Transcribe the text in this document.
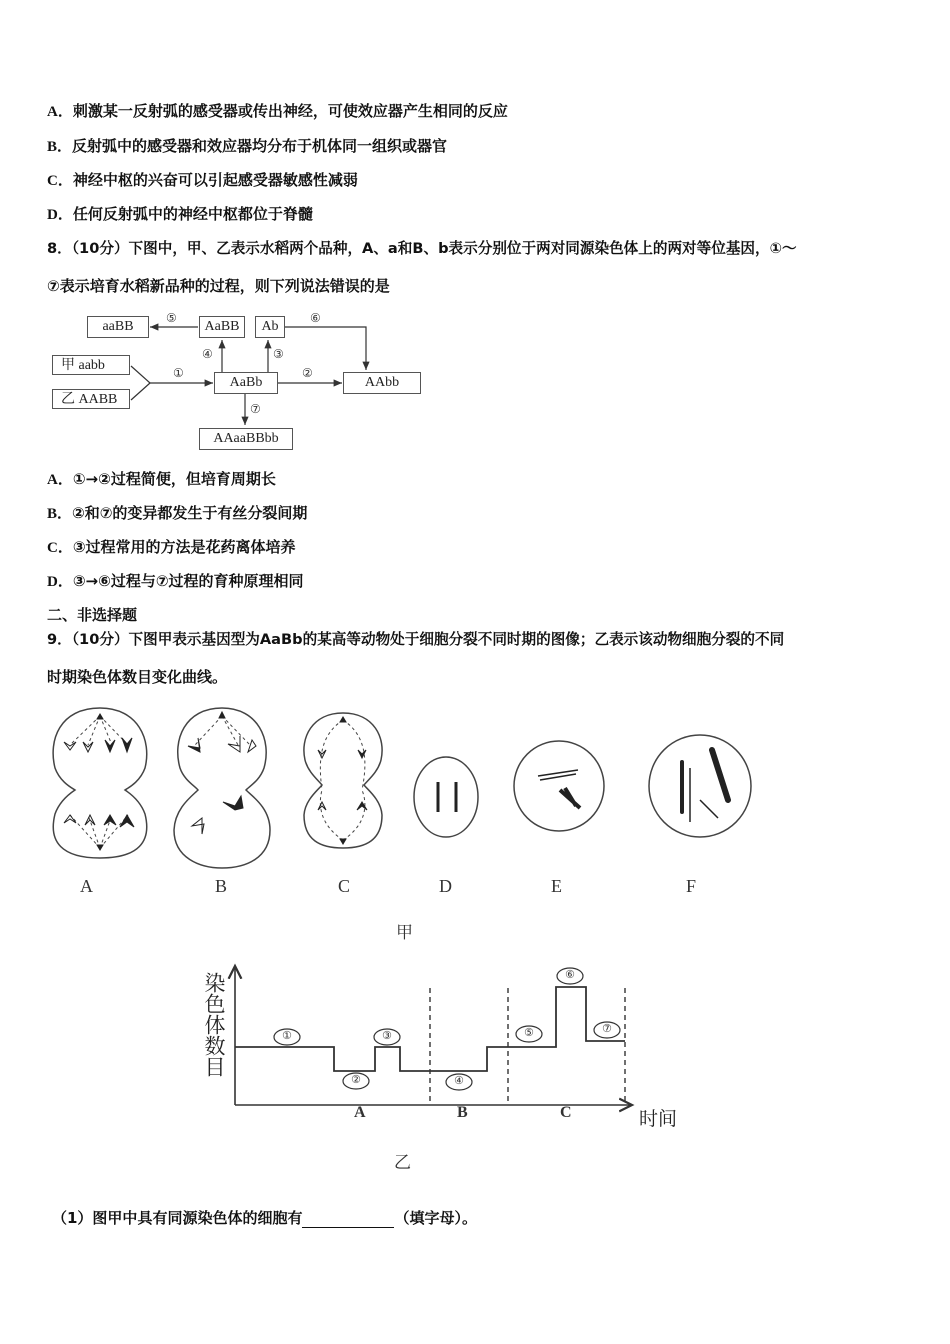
A．刺激某一反射弧的感受器或传出神经，可使效应器产生相同的反应
B．反射弧中的感受器和效应器均分布于机体同一组织或器官
C．神经中枢的兴奋可以引起感受器敏感性减弱
D．任何反射弧中的神经中枢都位于脊髓
8．（10分）下图中，甲、乙表示水稻两个品种，A、a和B、b表示分别位于两对同源染色体上的两对等位基因，①～
⑦表示培育水稻新品种的过程，则下列说法错误的是
aaBB	AaBB	Ab
甲 aabb
乙 AABB
AaBb	AAbb
AAaaBBbb
⑤	⑥
④	③
①	②
⑦
A．①→②过程简便，但培育周期长
B．②和⑦的变异都发生于有丝分裂间期
C．③过程常用的方法是花药离体培养
D．③→⑥过程与⑦过程的育种原理相同
二、非选择题
9．（10分）下图甲表示基因型为AaBb的某高等动物处于细胞分裂不同时期的图像；乙表示该动物细胞分裂的不同
时期染色体数目变化曲线。
A	B	C	D	E	F
甲
①
②
③
④
⑤
⑥
⑦
染色体数目
时间
A	B	C
乙
（1）图甲中具有同源染色体的细胞有	（填字母）。
